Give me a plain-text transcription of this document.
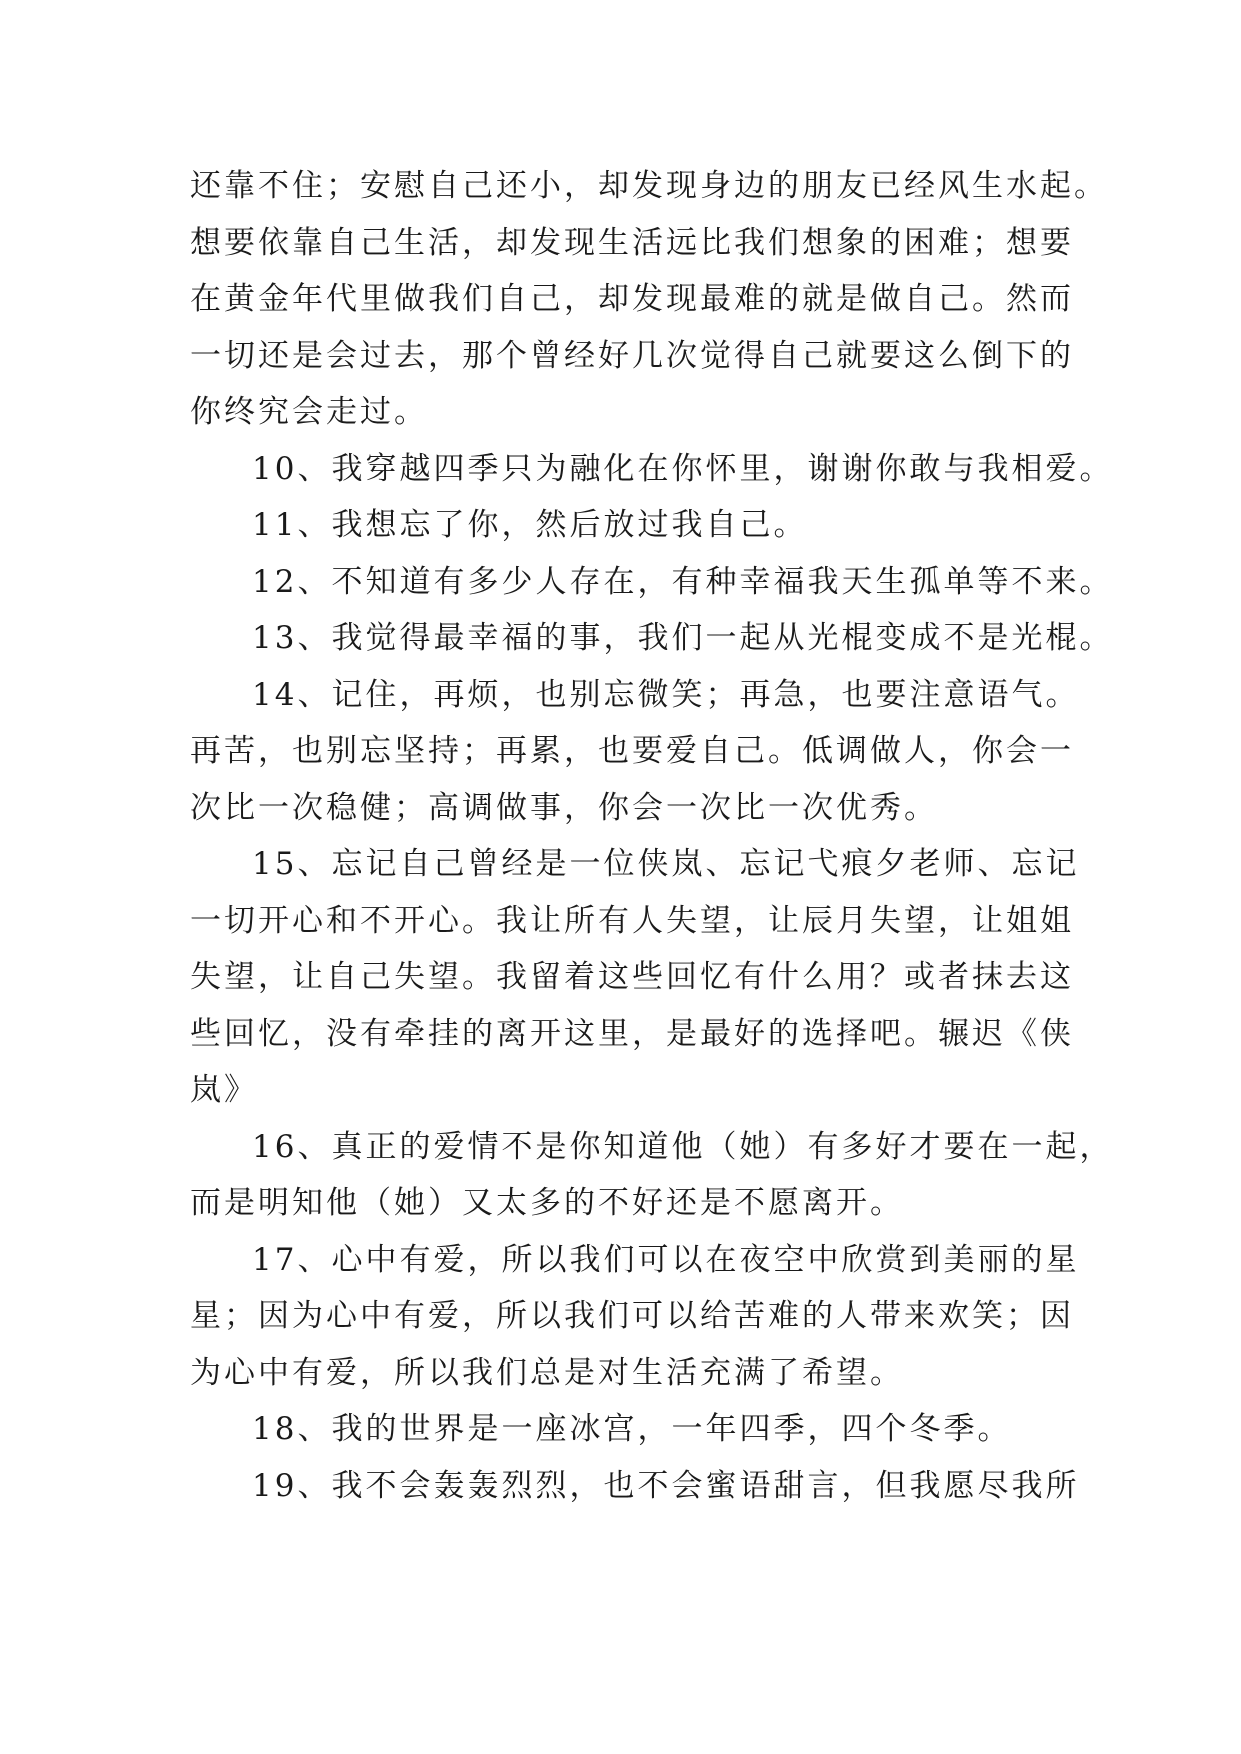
还靠不住；安慰自己还小，却发现身边的朋友已经风生水起。
想要依靠自己生活，却发现生活远比我们想象的困难；想要
在黄金年代里做我们自己，却发现最难的就是做自己。然而
一切还是会过去，那个曾经好几次觉得自己就要这么倒下的
你终究会走过。
10、我穿越四季只为融化在你怀里，谢谢你敢与我相爱。
11、我想忘了你，然后放过我自己。
12、不知道有多少人存在，有种幸福我天生孤单等不来。
13、我觉得最幸福的事，我们一起从光棍变成不是光棍。
14、记住，再烦，也别忘微笑；再急，也要注意语气。
再苦，也别忘坚持；再累，也要爱自己。低调做人，你会一
次比一次稳健；高调做事，你会一次比一次优秀。
15、忘记自己曾经是一位侠岚、忘记弋痕夕老师、忘记
一切开心和不开心。我让所有人失望，让辰月失望，让姐姐
失望，让自己失望。我留着这些回忆有什么用？或者抹去这
些回忆，没有牵挂的离开这里，是最好的选择吧。辗迟《侠
岚》
16、真正的爱情不是你知道他（她）有多好才要在一起，
而是明知他（她）又太多的不好还是不愿离开。
17、心中有爱，所以我们可以在夜空中欣赏到美丽的星
星；因为心中有爱，所以我们可以给苦难的人带来欢笑；因
为心中有爱，所以我们总是对生活充满了希望。
18、我的世界是一座冰宫，一年四季，四个冬季。
19、我不会轰轰烈烈，也不会蜜语甜言，但我愿尽我所
